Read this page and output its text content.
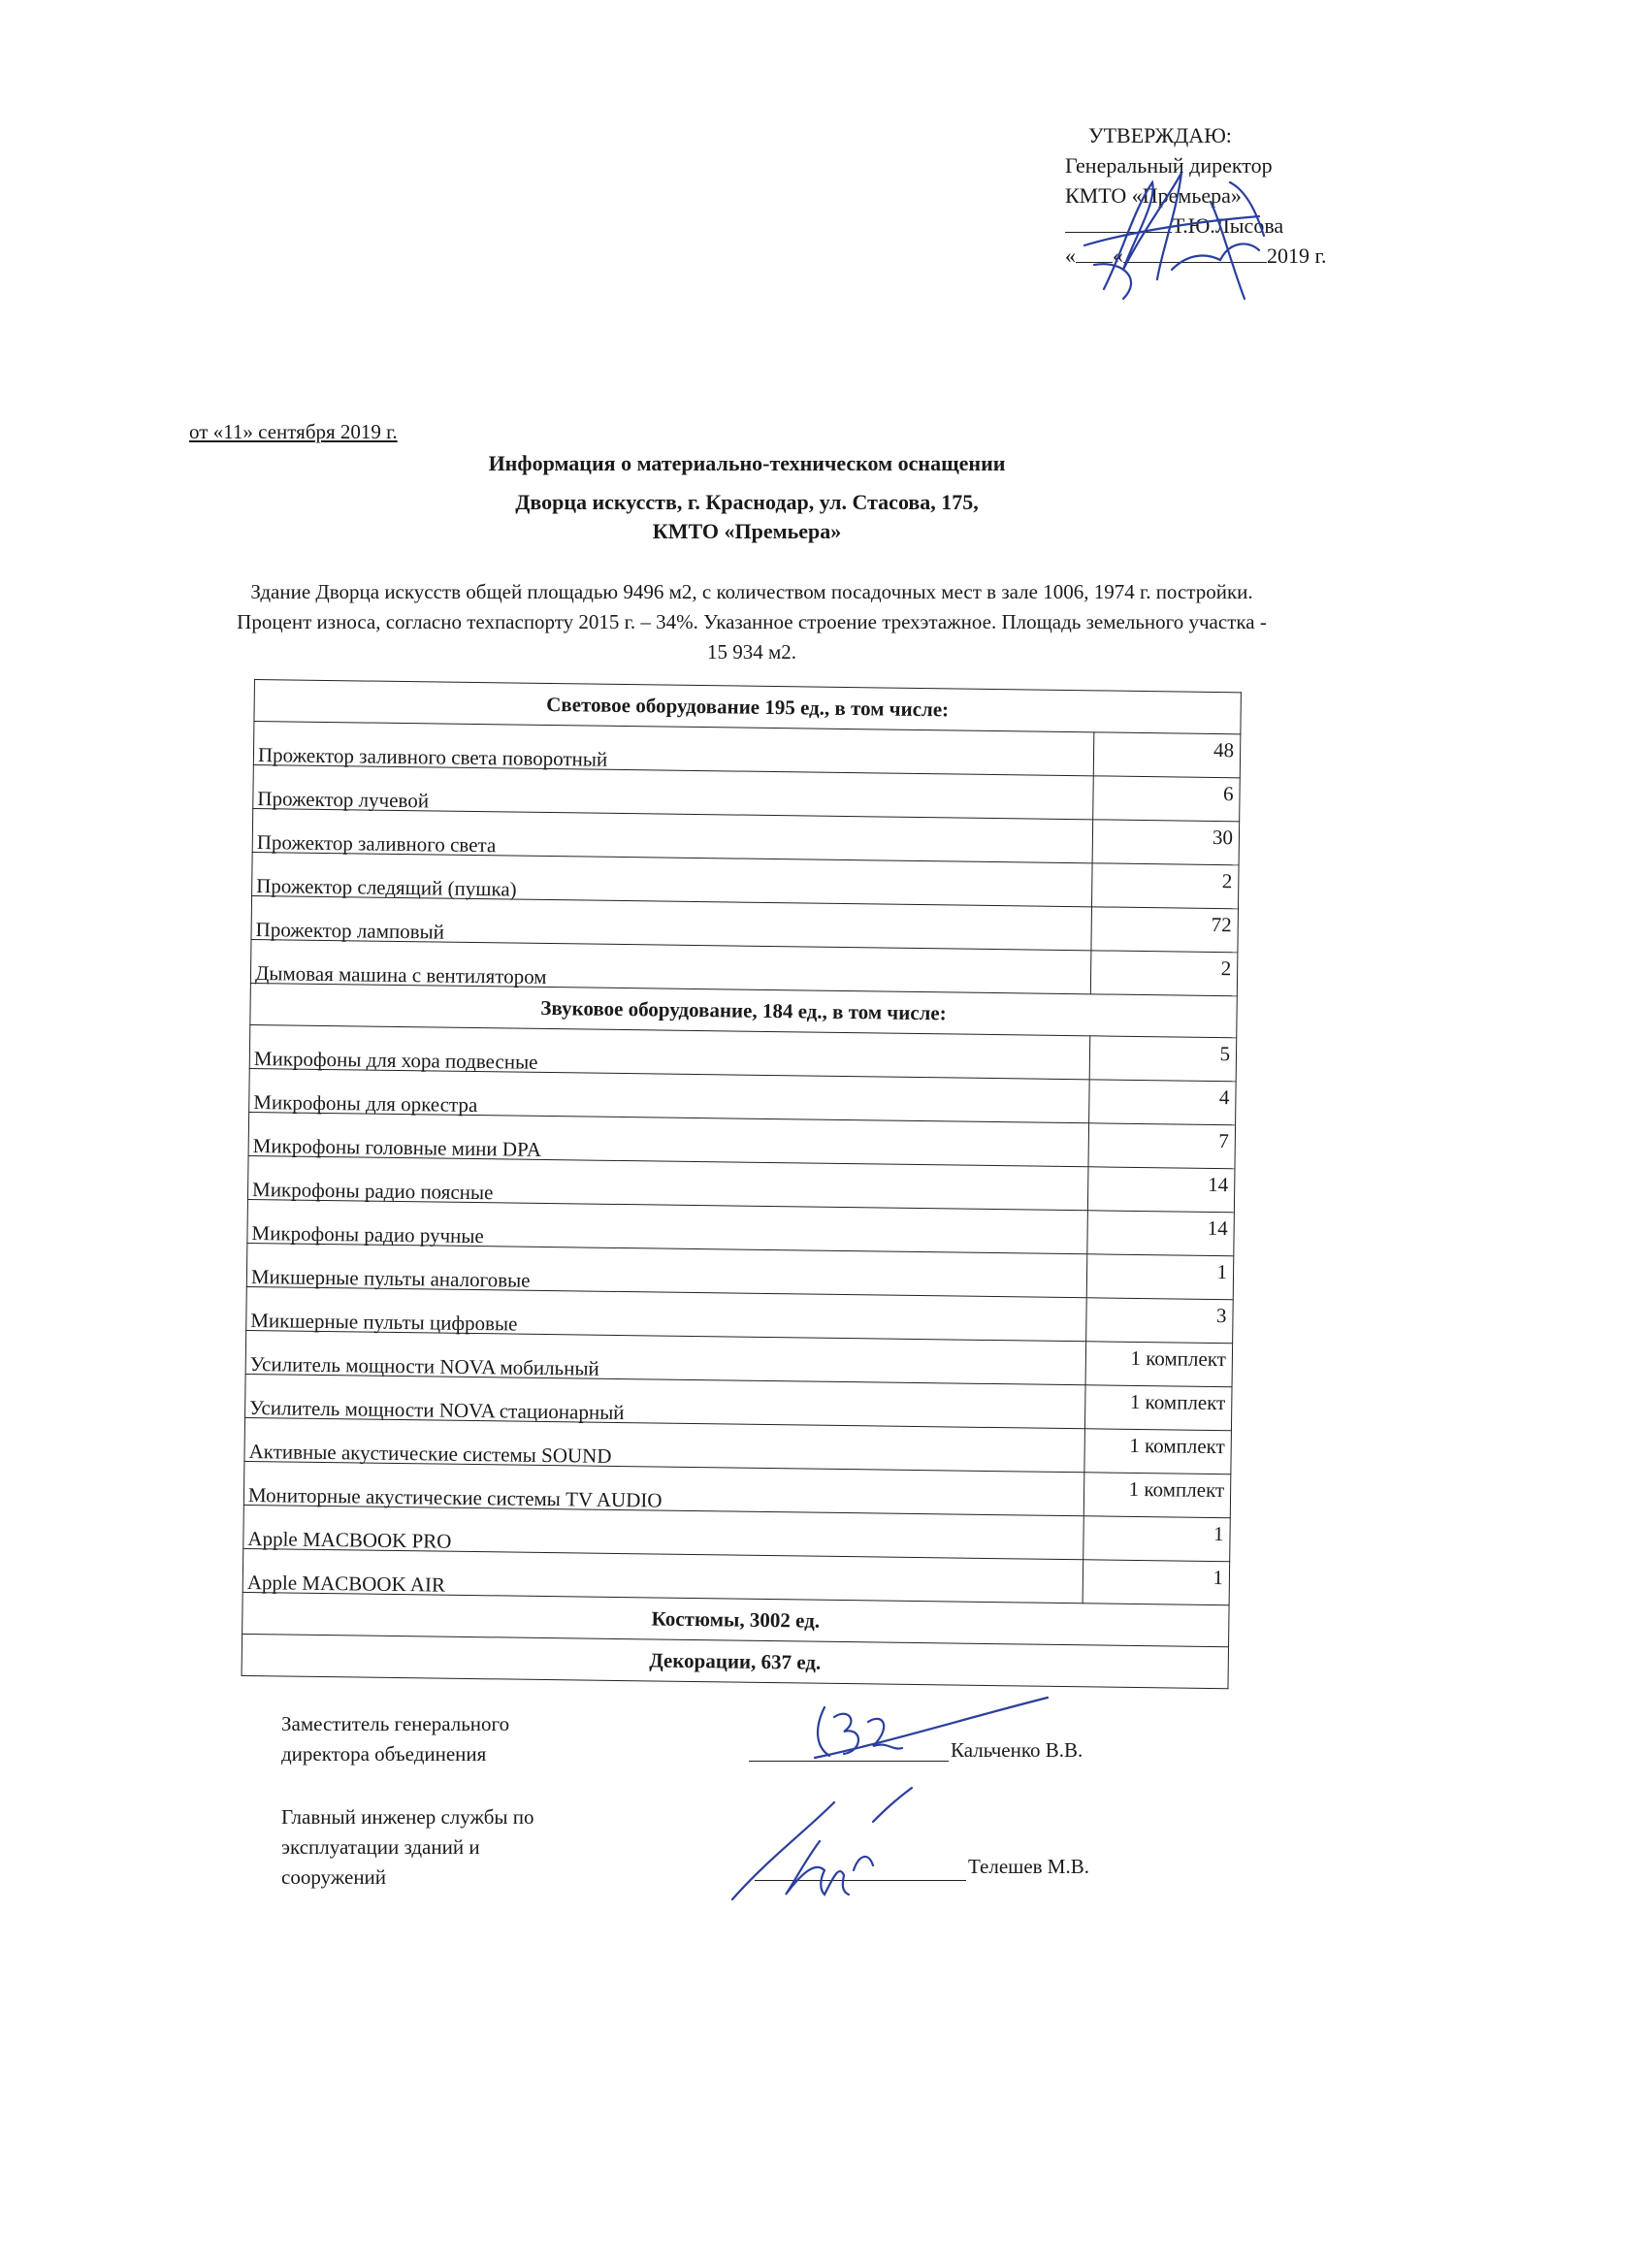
УТВЕРЖДАЮ:
Генеральный директор
КМТО «Премьера»
Т.Ю.Лысова
« «	2019 г.
от «11» сентября 2019 г.
Информация о материально-техническом оснащении
Дворца искусств, г. Краснодар, ул. Стасова, 175,
КМТО «Премьера»
Здание Дворца искусств общей площадью 9496 м2, с количеством посадочных мест в зале 1006, 1974 г. постройки.
Процент износа, согласно техпаспорту 2015 г. – 34%. Указанное строение трехэтажное. Площадь земельного участка -
15 934 м2.
Световое оборудование 195 ед., в том числе:	
Прожектор заливного света поворотный	48
Прожектор лучевой	6
Прожектор заливного света	30
Прожектор следящий (пушка)	2
Прожектор ламповый	72
Дымовая машина с вентилятором	2
Звуковое оборудование, 184 ед., в том числе:	
Микрофоны для хора подвесные	5
Микрофоны для оркестра	4
Микрофоны головные мини DPA	7
Микрофоны радио поясные	14
Микрофоны радио ручные	14
Микшерные пульты аналоговые	1
Микшерные пульты цифровые	3
Усилитель мощности NOVA мобильный	1 комплект
Усилитель мощности NOVA стационарный	1 комплект
Активные акустические системы SOUND	1 комплект
Мониторные акустические системы TV AUDIO	1 комплект
Apple MACBOOK PRO	1
Apple MACBOOK AIR	1
Костюмы, 3002 ед.	
Декорации, 637 ед.	
Заместитель генерального
директора объединения	Кальченко В.В.
Главный инженер службы по
эксплуатации зданий и
сооружений	Телешев М.В.
